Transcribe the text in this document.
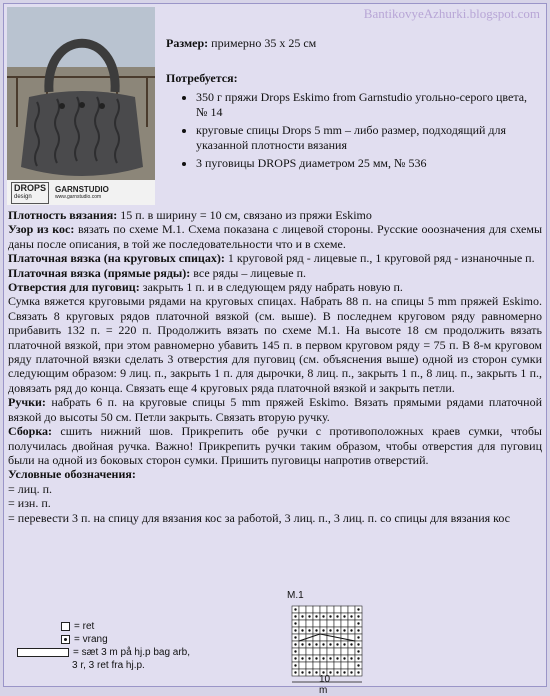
BantikovyeAzhurki.blogspot.com
DROPS
design
GARNSTUDIO
www.garnstudio.com

Размер: примерно 35 х 25 см

Потребуется:

• 350 г пряжи Drops Eskimo from Garnstudio угольно-серого цвета, № 14
• круговые спицы Drops 5 mm – либо размер, подходящий для указанной плотности вязания
• 3 пуговицы DROPS диаметром 25 мм, № 536

Плотность вязания: 15 п. в ширину = 10 см, связано из пряжи Eskimo

Узор из кос: вязать по схеме М.1. Схема показана с лицевой стороны. Русские ооозначения для схемы даны после описания, в той же последовательности что и в схеме.

Платочная вязка (на круговых спицах): 1 круговой ряд - лицевые п., 1 круговой ряд - изнаночные п.

Платочная вязка (прямые ряды): все ряды – лицевые п.

Отверстия для пуговиц: закрыть 1 п. и в следующем ряду набрать новую п.

Сумка вяжется круговыми рядами на круговых спицах. Набрать 88 п. на спицы 5 mm пряжей Eskimo. Связать 8 круговых рядов платочной вязкой (см. выше). В последнем круговом ряду равномерно прибавить 132 п. = 220 п. Продолжить вязать по схеме М.1. На высоте 18 см продолжить вязать платочной вязкой, при этом равномерно убавить 145 п. в первом круговом ряду = 75 п. В 8-м круговом ряду платочной вязки сделать 3 отверстия для пуговиц (см. объяснения выше) одной из сторон сумки следующим образом: 9 лиц. п., закрыть 1 п. для дырочки, 8 лиц. п., закрыть 1 п., 8 лиц. п., закрыть 1 п., довязать ряд до конца. Связать еще 4 круговых ряда платочной вязкой и закрыть петли.

Ручки: набрать 6 п. на круговые спицы 5 mm пряжей Eskimo. Вязать прямыми рядами платочной вязкой до высоты 50 см. Петли закрыть. Связать вторую ручку.

Сборка: сшить нижний шов. Прикрепить обе ручки с противоположных краев сумки, чтобы получилась двойная ручка. Важно! Прикрепить ручки таким образом, чтобы отверстия для пуговиц были на одной из боковых сторон сумки. Пришить пуговицы напротив отверстий.

Условные обозначения:

= лиц. п.

= изн. п.

= перевести 3 п. на спицу для вязания кос за работой, 3 лиц. п., 3 лиц. п. со спицы для вязания кос

= ret
= vrang
= sæt 3 m på hj.p bag arb,
3 r, 3 ret fra hj.p.
M.1
10 m
